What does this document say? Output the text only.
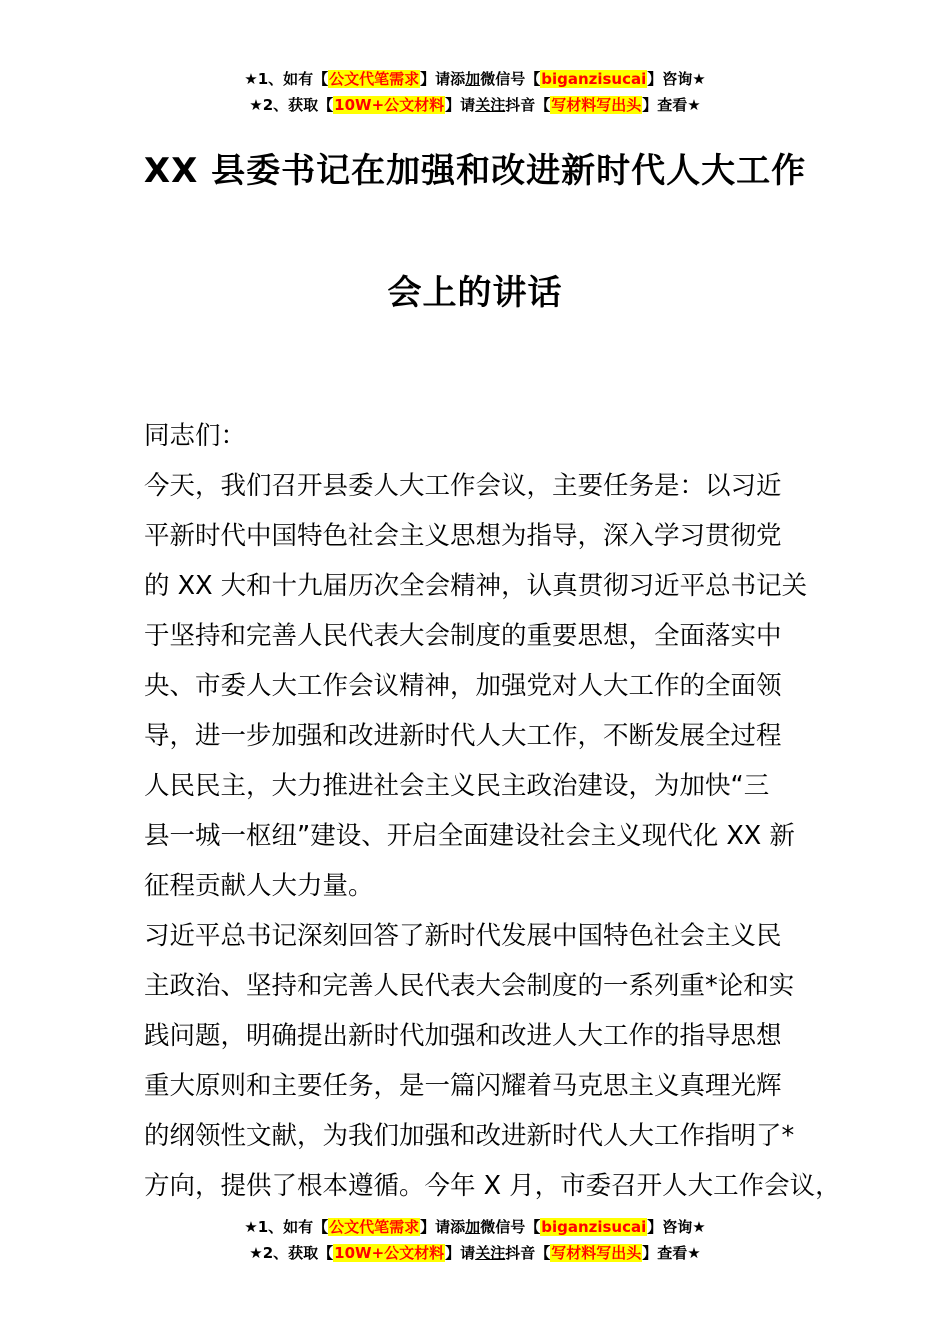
★1、如有【公文代笔需求】请添加微信号【biganzisucai】咨询★
★2、获取【10W+公文材料】请关注抖音【写材料写出头】查看★
XX 县委书记在加强和改进新时代人大工作
会上的讲话
同志们：
今天，我们召开县委人大工作会议，主要任务是：以习近
平新时代中国特色社会主义思想为指导，深入学习贯彻党
的 XX 大和十九届历次全会精神，认真贯彻习近平总书记关
于坚持和完善人民代表大会制度的重要思想，全面落实中
央、市委人大工作会议精神，加强党对人大工作的全面领
导，进一步加强和改进新时代人大工作，不断发展全过程
人民民主，大力推进社会主义民主政治建设，为加快“三
县一城一枢纽”建设、开启全面建设社会主义现代化 XX 新
征程贡献人大力量。
习近平总书记深刻回答了新时代发展中国特色社会主义民
主政治、坚持和完善人民代表大会制度的一系列重*论和实
践问题，明确提出新时代加强和改进人大工作的指导思想
重大原则和主要任务，是一篇闪耀着马克思主义真理光辉
的纲领性文献，为我们加强和改进新时代人大工作指明了*
方向，提供了根本遵循。今年 X 月，市委召开人大工作会议，
★1、如有【公文代笔需求】请添加微信号【biganzisucai】咨询★
★2、获取【10W+公文材料】请关注抖音【写材料写出头】查看★
